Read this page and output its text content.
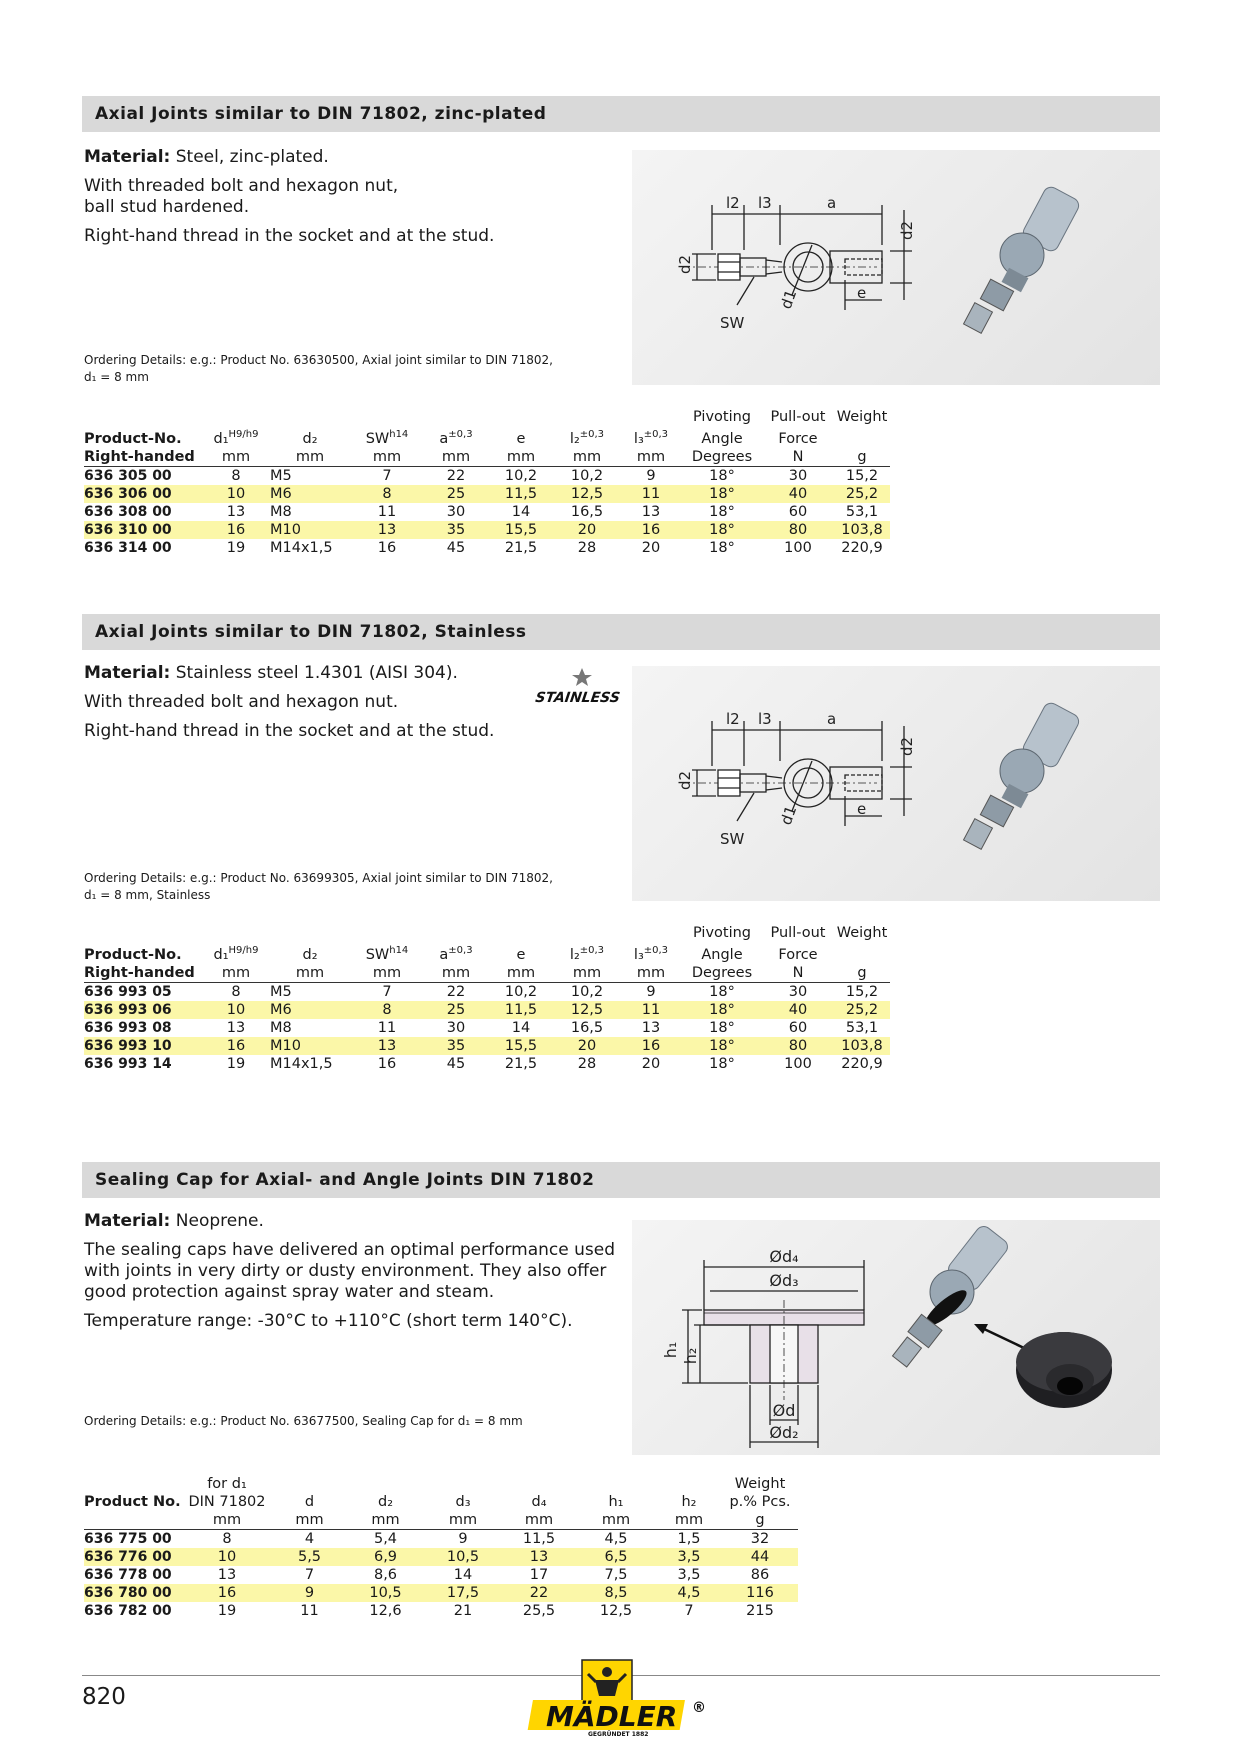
Axial Joints similar to DIN 71802, zinc-plated

Material: Steel, zinc-plated.

With threaded bolt and hexagon nut,
ball stud hardened.

Right-hand thread in the socket and at the stud.

l2 l3	a
d2
d2
d1	e
SW
Ordering Details: e.g.: Product No. 63630500, Axial joint similar to DIN 71802,
d₁ = 8 mm
								Pivoting	Pull-out	Weight
Product-No.	d₁$^{H9/h9}$	d₂	$SW^{h14}$	$a^{\pm 0,3}$	e	l₂$^{\pm 0,3}$	l₃$^{\pm 0,3}$	Angle	Force	
Right-handed	mm	mm	mm	mm	mm	mm	mm	Degrees	N	g
636 305 00	8	M5	7	22	10,2	10,2	9	18°	30	15,2
636 306 00	10	M6	8	25	11,5	12,5	11	18°	40	25,2
636 308 00	13	M8	11	30	14	16,5	13	18°	60	53,1
636 310 00	16	M10	13	35	15,5	20	16	18°	80	103,8
636 314 00	19	M14x1,5	16	45	21,5	28	20	18°	100	220,9
Axial Joints similar to DIN 71802, Stainless

Material: Stainless steel 1.4301 (AISI 304).

With threaded bolt and hexagon nut.

Right-hand thread in the socket and at the stud.

STAINLESS
l2 l3	a
d2
d2
d1	e
SW
Ordering Details: e.g.: Product No. 63699305, Axial joint similar to DIN 71802,
d₁ = 8 mm, Stainless
								Pivoting	Pull-out	Weight
Product-No.	d₁$^{H9/h9}$	d₂	$SW^{h14}$	$a^{\pm 0,3}$	e	l₂$^{\pm 0,3}$	l₃$^{\pm 0,3}$	Angle	Force	
Right-handed	mm	mm	mm	mm	mm	mm	mm	Degrees	N	g
636 993 05	8	M5	7	22	10,2	10,2	9	18°	30	15,2
636 993 06	10	M6	8	25	11,5	12,5	11	18°	40	25,2
636 993 08	13	M8	11	30	14	16,5	13	18°	60	53,1
636 993 10	16	M10	13	35	15,5	20	16	18°	80	103,8
636 993 14	19	M14x1,5	16	45	21,5	28	20	18°	100	220,9
Sealing Cap for Axial- and Angle Joints DIN 71802

Material: Neoprene.

The sealing caps have delivered an optimal performance used
with joints in very dirty or dusty environment. They also offer
good protection against spray water and steam.

Temperature range: -30°C to +110°C (short term 140°C).

Ød₄
Ød₃
h₁ h₂
Ød
Ød₂
Ordering Details: e.g.: Product No. 63677500, Sealing Cap for d₁ = 8 mm
	for d₁							Weight
Product No.	DIN 71802	d	d₂	d₃	d₄	h₁	h₂	p.% Pcs.
	mm	mm	mm	mm	mm	mm	mm	g
636 775 00	8	4	5,4	9	11,5	4,5	1,5	32
636 776 00	10	5,5	6,9	10,5	13	6,5	3,5	44
636 778 00	13	7	8,6	14	17	7,5	3,5	86
636 780 00	16	9	10,5	17,5	22	8,5	4,5	116
636 782 00	19	11	12,6	21	25,5	12,5	7	215
820
MÄDLER ®
GEGRÜNDET 1882
